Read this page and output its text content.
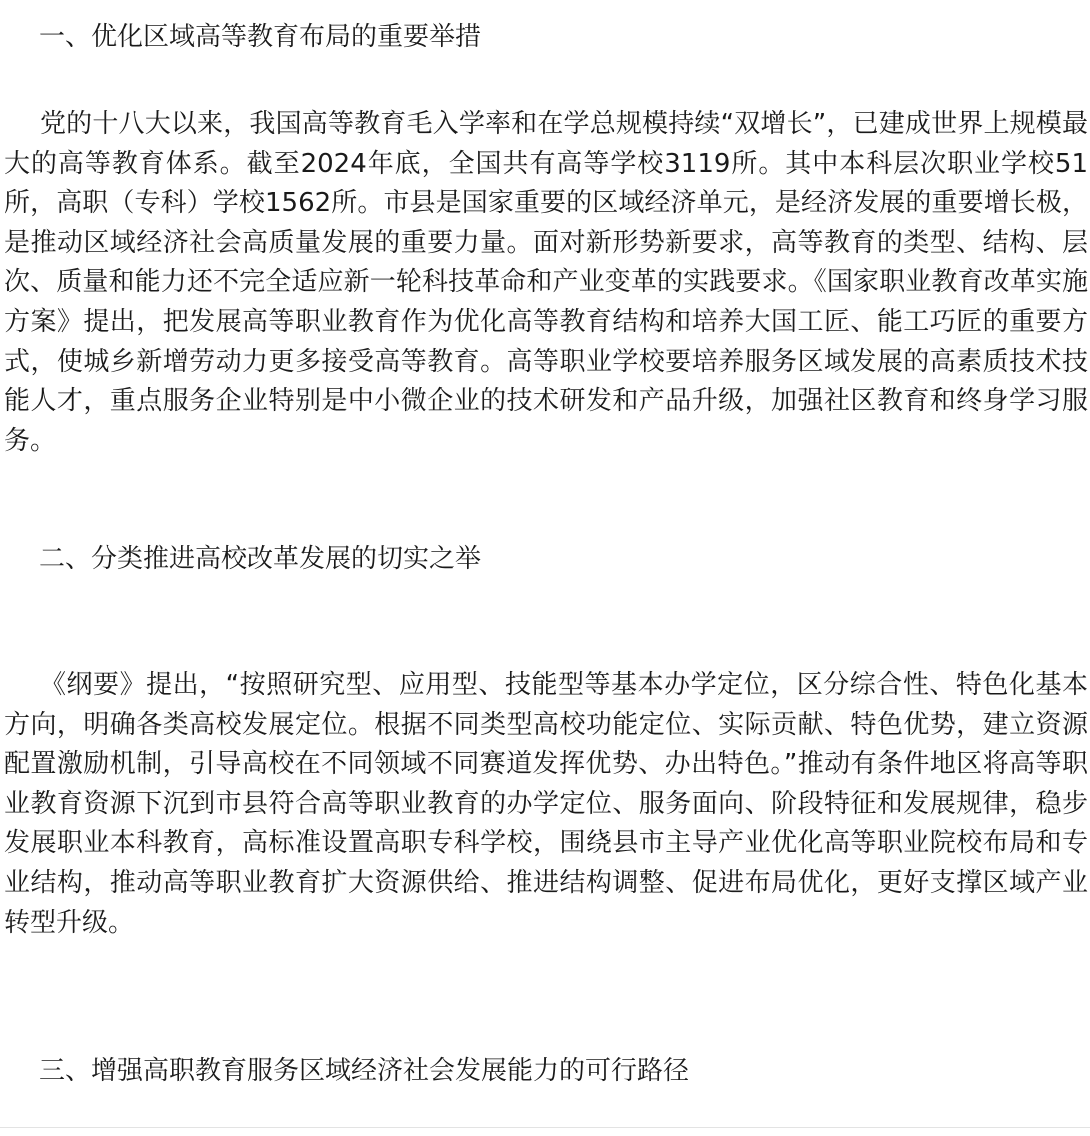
一、优化区域高等教育布局的重要举措

党的十八大以来，我国高等教育毛入学率和在学总规模持续“双增长”，已建成世界上规模最大的高等教育体系。截至2024年底，全国共有高等学校3119所。其中本科层次职业学校51所，高职（专科）学校1562所。市县是国家重要的区域经济单元，是经济发展的重要增长极，是推动区域经济社会高质量发展的重要力量。面对新形势新要求，高等教育的类型、结构、层次、质量和能力还不完全适应新一轮科技革命和产业变革的实践要求。《国家职业教育改革实施方案》提出，把发展高等职业教育作为优化高等教育结构和培养大国工匠、能工巧匠的重要方式，使城乡新增劳动力更多接受高等教育。高等职业学校要培养服务区域发展的高素质技术技能人才，重点服务企业特别是中小微企业的技术研发和产品升级，加强社区教育和终身学习服务。

二、分类推进高校改革发展的切实之举

《纲要》提出，“按照研究型、应用型、技能型等基本办学定位，区分综合性、特色化基本方向，明确各类高校发展定位。根据不同类型高校功能定位、实际贡献、特色优势，建立资源配置激励机制，引导高校在不同领域不同赛道发挥优势、办出特色。”推动有条件地区将高等职业教育资源下沉到市县符合高等职业教育的办学定位、服务面向、阶段特征和发展规律，稳步发展职业本科教育，高标准设置高职专科学校，围绕县市主导产业优化高等职业院校布局和专业结构，推动高等职业教育扩大资源供给、推进结构调整、促进布局优化，更好支撑区域产业转型升级。

三、增强高职教育服务区域经济社会发展能力的可行路径
